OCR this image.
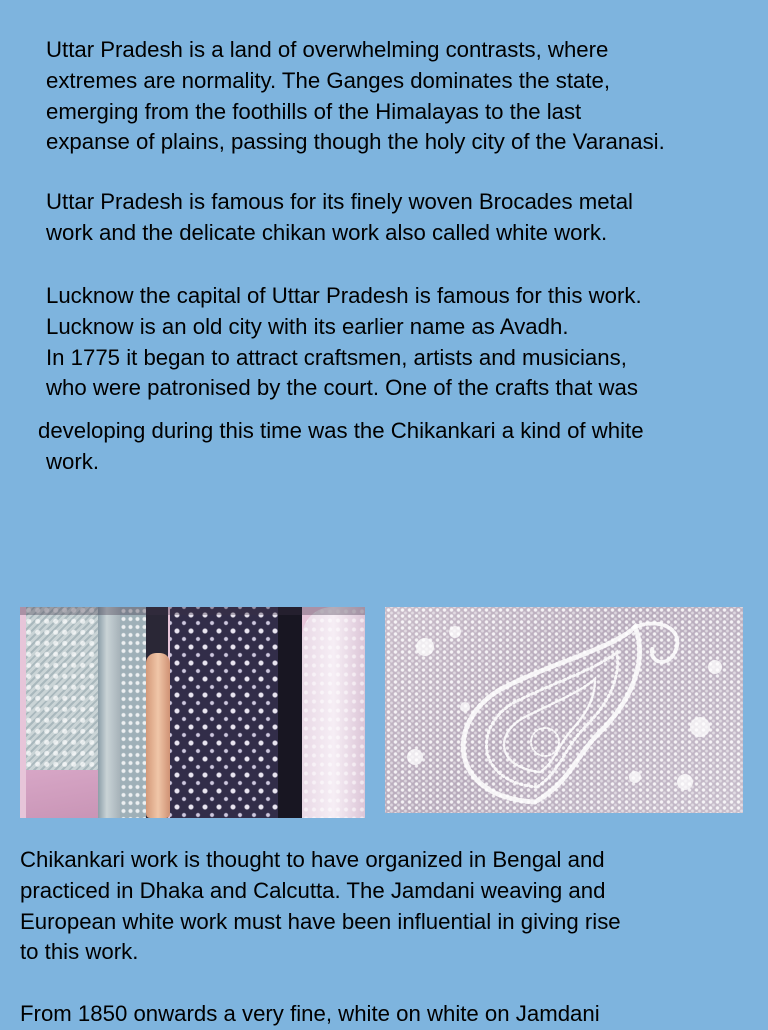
Uttar Pradesh is a land of overwhelming contrasts, where
extremes are normality. The Ganges dominates the state,
emerging from the foothills of the Himalayas to the last
expanse of plains, passing though the holy city of the Varanasi.

Uttar Pradesh is famous for its finely woven Brocades metal
work and the delicate chikan work also called white work.

Lucknow the capital of Uttar Pradesh is famous for this work.
Lucknow is an old city with its earlier name as Avadh.
In 1775 it began to attract craftsmen, artists and musicians,
who were patronised by the court. One of the crafts that was

developing during this time was the Chikankari a kind of white
work.

Chikankari work is thought to have organized in Bengal and
practiced in Dhaka and Calcutta. The Jamdani weaving and
European white work must have been influential in giving rise
to this work.

From 1850 onwards a very fine, white on white on Jamdani
